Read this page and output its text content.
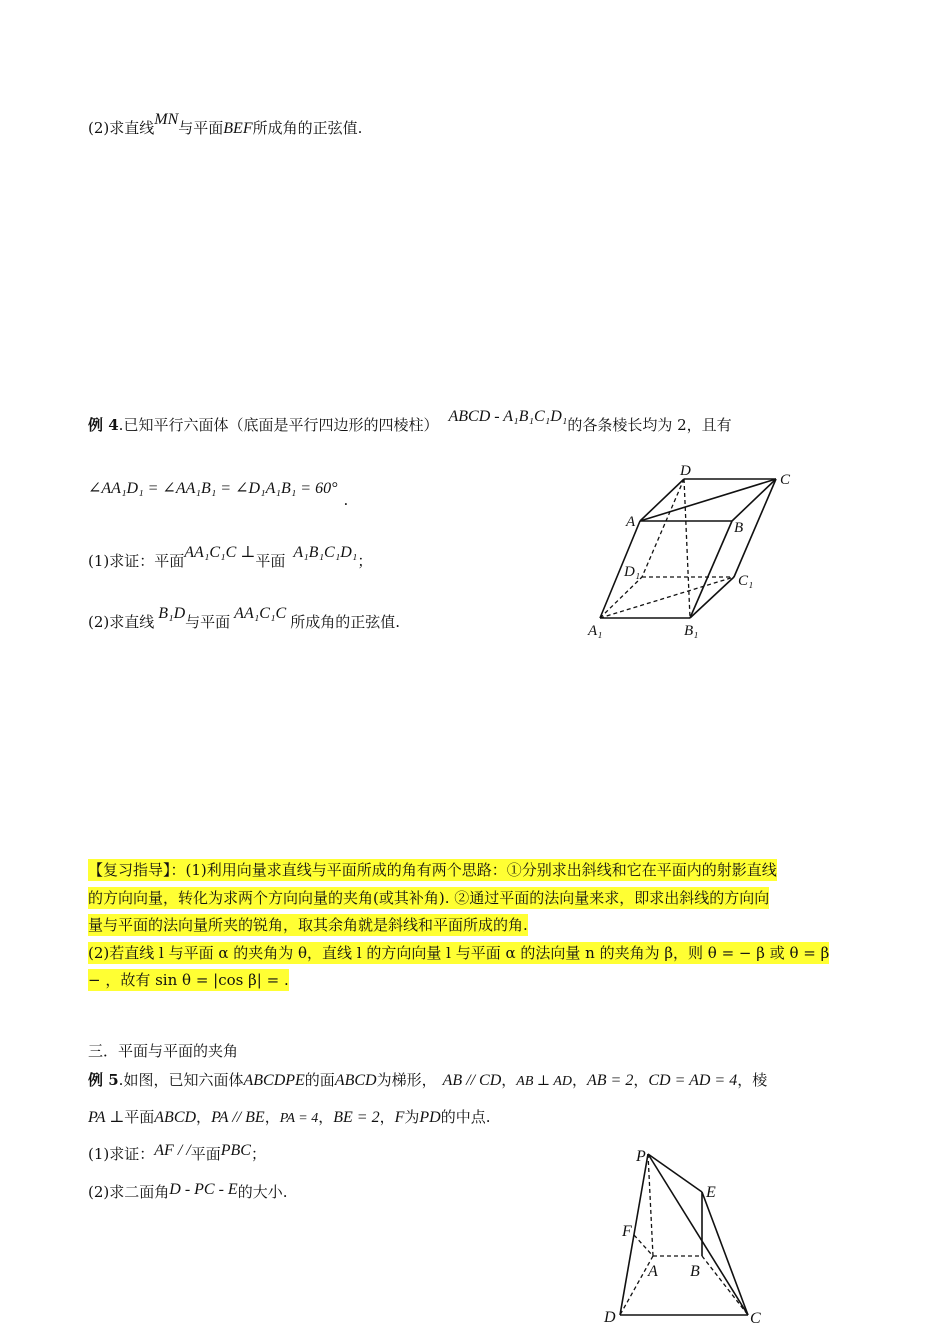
(2)求直线MN与平面BEF所成角的正弦值.
例 4.已知平行六面体（底面是平行四边形的四棱柱） ABCD - A₁B₁C₁D₁的各条棱长均为 2，且有
∠AA₁D₁ = ∠AA₁B₁ = ∠D₁A₁B₁ = 60°.
(1)求证：平面AA₁C₁C ⊥平面 A₁B₁C₁D₁；
(2)求直线 B₁D与平面 AA₁C₁C 所成角的正弦值.
D
C
A	B
D₁
C₁
A₁	B₁
【复习指导】：(1)利用向量求直线与平面所成的角有两个思路：①分别求出斜线和它在平面内的射影直线
的方向向量，转化为求两个方向向量的夹角(或其补角). ②通过平面的法向量来求，即求出斜线的方向向
量与平面的法向量所夹的锐角，取其余角就是斜线和平面所成的角.
(2)若直线 l 与平面 α 的夹角为 θ，直线 l 的方向向量 l 与平面 α 的法向量 n 的夹角为 β，则 θ = − β 或 θ = β
− ，故有 sin θ = |cos β| = .
三．平面与平面的夹角
例 5.如图，已知六面体ABCDPE的面ABCD为梯形， AB // CD，AB ⊥ AD，AB = 2，CD = AD = 4，棱
PA ⊥平面ABCD，PA // BE，PA = 4，BE = 2，F为PD的中点.
(1)求证：AF / /平面PBC；
(2)求二面角D - PC - E的大小.
P
E
F
A B
D	C
